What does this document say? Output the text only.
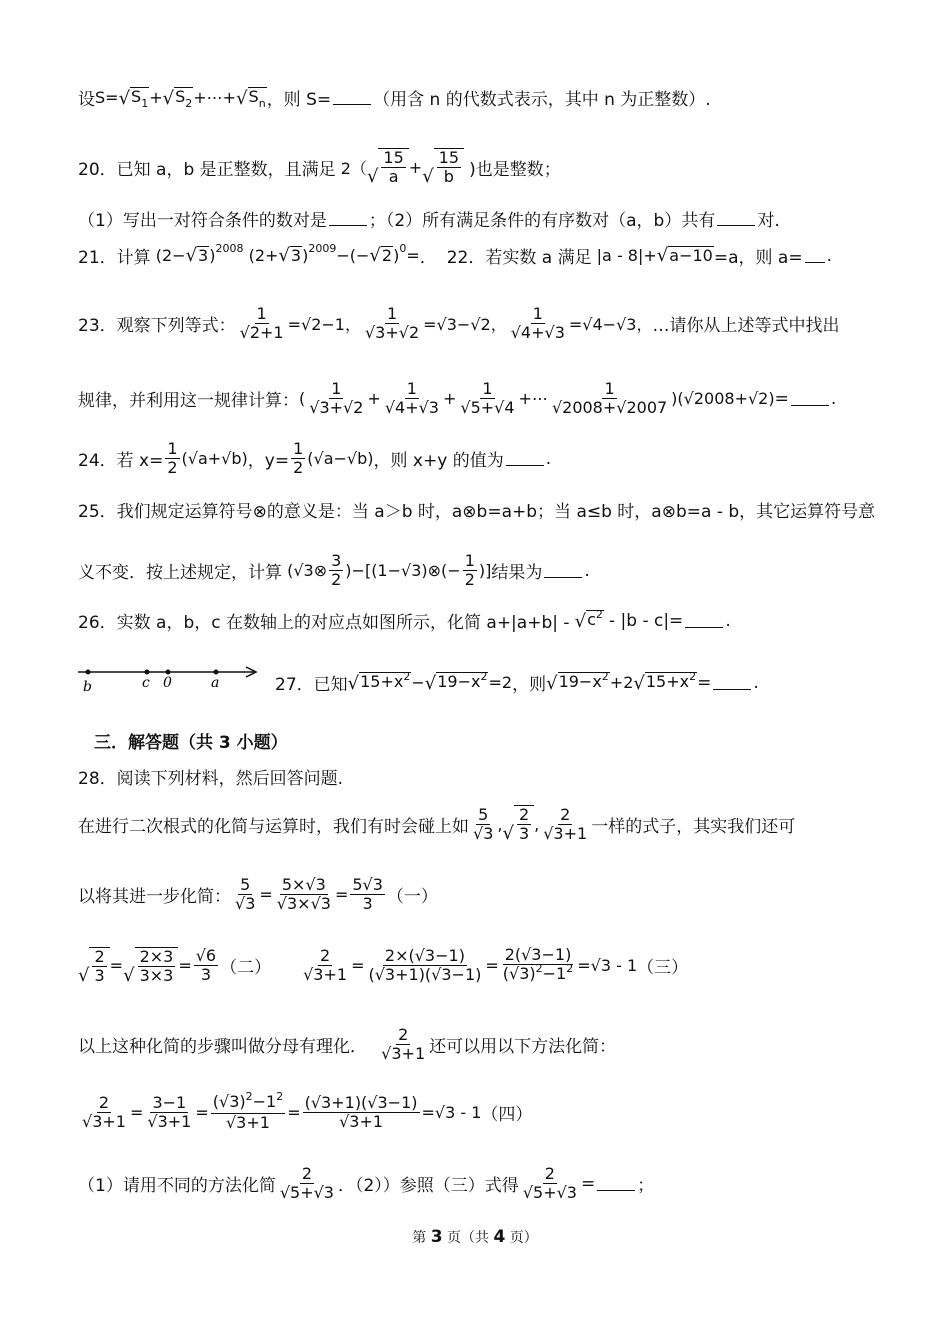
设 S= √ $S_1$ + √ $S_2$ +⋯+ √ $S_n$ ，则 S= （用含 n 的代数式表示，其中 n 为正整数）.
20．已知 a，b 是正整数，且满足 2（ √ $\frac{15}{a}$ + √ $\frac{15}{b}$
)也是整数；
（1）写出一对符合条件的数对是 ；（2）所有满足条件的有序数对（a，b）共有 对.
21．计算 (2− √ 3 ) 2008 (2+ √ 3 ) 2009 −(− √ 2 ) 0 = ． 22．若实数 a 满足 |a - 8|+ √ a−10 =a，则 a= .
23．观察下列等式： $\frac{1}{√2+1} =√2-1$， $\frac{1}{√3+√2} =√3-√2$， $\frac{1}{√4+√3} =√4-√3$， …请你从上述等式中找出
规律，并利用这一规律计算： ( $\frac{1}{√3+√2} + \frac{1}{√4+√3} + \frac{1}{√5+√4}$ +⋯ $\frac{1}{√2008+√2007} )(√2008+√2)$ = .
24．若 $x= \frac{1}{2} (√a+√b)$ ，$y= \frac{1}{2} (√a-√b)$ ，则 x+y 的值为 .
25．我们规定运算符号⊗的意义是：当 a＞b 时，a⊗b=a+b；当 a≤b 时，a⊗b=a - b，其它运算符号意
义不变．按上述规定，计算 (√3⊗ $\frac{3}{2}$ )−[(1−√3)⊗(− $\frac{1}{2}$ )] 结果为 .
26．实数 a，b，c 在数轴上的对应点如图所示，化简 a+|a+b| -
√ $c^2$
- |b - c|= .
b	c 0	a	27．已知 √ $15+x^2$ − √ $19-x^2 =2$ ，则 √ $19-x^2 +2$ √ $15+x^2$ = .
三．解答题（共 3 小题）
28．阅读下列材料，然后回答问题.
在进行二次根式的化简与运算时，我们有时会碰上如 $\frac{5}{√3}$ , √ $\frac{2}{3}$ , $\frac{2}{√3+1}$ 一样的式子，其实我们还可
以将其进一步化简： $\frac{5}{√3} = \frac{5\times√3}{√3\times√3} = \frac{5√3}{3}$ （一）
√ $\frac{2}{3}$ = √ $\frac{2\times 3}{3\times 3} = \frac{√6}{3}$ （二） $\frac{2}{√3+1} = \frac{2\times(√3-1)}{(√3+1)(√3-1)} = \frac{2(√3-1)}{(√3)^2-1^2} =√3 - 1$ （三）
以上这种化简的步骤叫做分母有理化．
$\frac{2}{√3+1}$ 还可以用以下方法化简：
$\frac{2}{√3+1} = \frac{3-1}{√3+1} = \frac{(√3)^2-1^2}{√3+1} = \frac{(√3+1)(√3-1)}{√3+1} =√3 - 1$ （四）
（1）请用不同的方法化简 $\frac{2}{√5+√3}$ ．（2））参照（三）式得 $\frac{2}{√5+√3}$ = ；
第 3 页（共 4 页）
